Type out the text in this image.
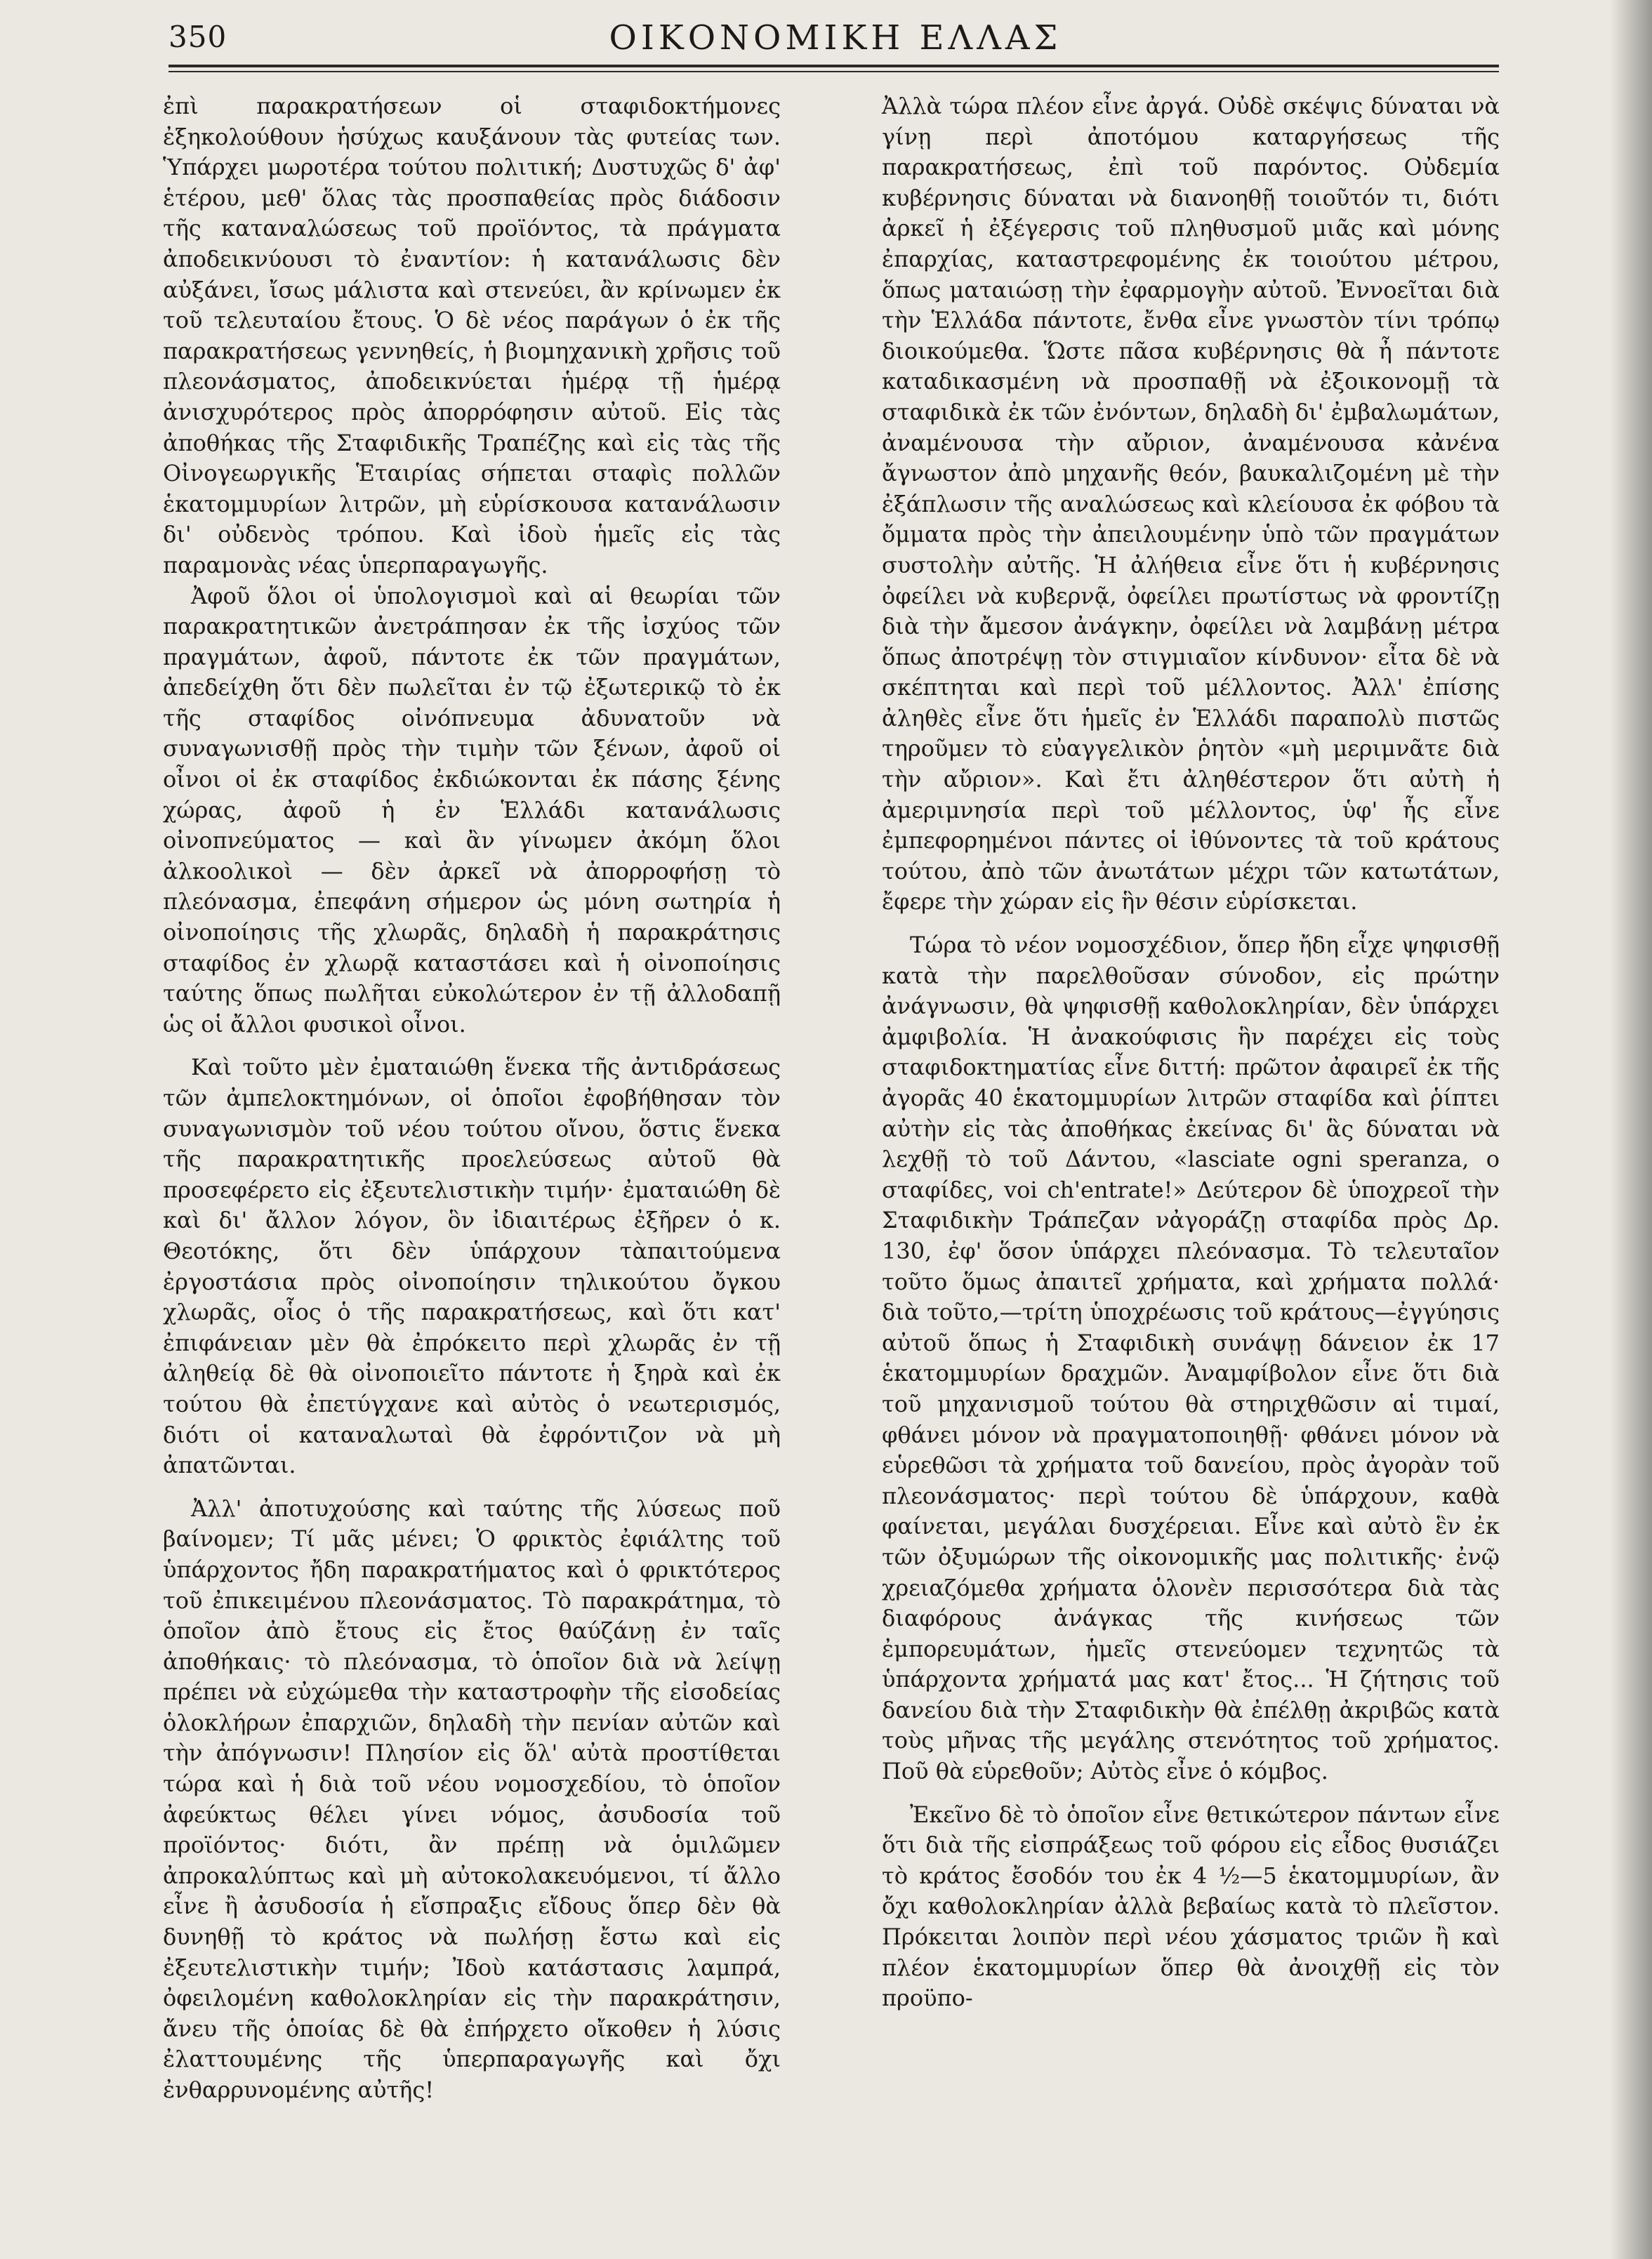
350	ΟΙΚΟΝΟΜΙΚΗ ΕΛΛΑΣ

ἐπὶ παρακρατήσεων οἱ σταφιδοκτήμονες ἐξηκολούθουν ἡσύχως καυξάνουν τὰς φυτείας των. Ὑπάρχει μωροτέρα τούτου πολιτική; Δυστυχῶς δ' ἀφ' ἑτέρου, μεθ' ὅλας τὰς προσπαθείας πρὸς διάδοσιν τῆς καταναλώσεως τοῦ προϊόντος, τὰ πράγματα ἀποδεικνύουσι τὸ ἐναντίον: ἡ κατανάλωσις δὲν αὐξάνει, ἴσως μάλιστα καὶ στενεύει, ἂν κρίνωμεν ἐκ τοῦ τελευταίου ἔτους. Ὁ δὲ νέος παράγων ὁ ἐκ τῆς παρακρατήσεως γεννηθείς, ἡ βιομηχανικὴ χρῆσις τοῦ πλεονάσματος, ἀποδεικνύεται ἡμέρᾳ τῇ ἡμέρᾳ ἀνισχυρότερος πρὸς ἀπορρόφησιν αὐτοῦ. Εἰς τὰς ἀποθήκας τῆς Σταφιδικῆς Τραπέζης καὶ εἰς τὰς τῆς Οἰνογεωργικῆς Ἑταιρίας σήπεται σταφὶς πολλῶν ἑκατομμυρίων λιτρῶν, μὴ εὑρίσκουσα κατανάλωσιν δι' οὐδενὸς τρόπου. Καὶ ἰδοὺ ἡμεῖς εἰς τὰς παραμονὰς νέας ὑπερπαραγωγῆς.

Ἀφοῦ ὅλοι οἱ ὑπολογισμοὶ καὶ αἱ θεωρίαι τῶν παρακρατητικῶν ἀνετράπησαν ἐκ τῆς ἰσχύος τῶν πραγμάτων, ἀφοῦ, πάντοτε ἐκ τῶν πραγμάτων, ἀπεδείχθη ὅτι δὲν πωλεῖται ἐν τῷ ἐξωτερικῷ τὸ ἐκ τῆς σταφίδος οἰνόπνευμα ἀδυνατοῦν νὰ συναγωνισθῇ πρὸς τὴν τιμὴν τῶν ξένων, ἀφοῦ οἱ οἶνοι οἱ ἐκ σταφίδος ἐκδιώκονται ἐκ πάσης ξένης χώρας, ἀφοῦ ἡ ἐν Ἑλλάδι κατανάλωσις οἰνοπνεύματος — καὶ ἂν γίνωμεν ἀκόμη ὅλοι ἀλκοολικοὶ — δὲν ἀρκεῖ νὰ ἀπορροφήσῃ τὸ πλεόνασμα, ἐπεφάνη σήμερον ὡς μόνη σωτηρία ἡ οἰνοποίησις τῆς χλωρᾶς, δηλαδὴ ἡ παρακράτησις σταφίδος ἐν χλωρᾷ καταστάσει καὶ ἡ οἰνοποίησις ταύτης ὅπως πωλῆται εὐκολώτερον ἐν τῇ ἀλλοδαπῇ ὡς οἱ ἄλλοι φυσικοὶ οἶνοι.

Καὶ τοῦτο μὲν ἐματαιώθη ἕνεκα τῆς ἀντιδράσεως τῶν ἀμπελοκτημόνων, οἱ ὁποῖοι ἐφοβήθησαν τὸν συναγωνισμὸν τοῦ νέου τούτου οἴνου, ὅστις ἕνεκα τῆς παρακρατητικῆς προελεύσεως αὐτοῦ θὰ προσεφέρετο εἰς ἐξευτελιστικὴν τιμήν· ἐματαιώθη δὲ καὶ δι' ἄλλον λόγον, ὃν ἰδιαιτέρως ἐξῆρεν ὁ κ. Θεοτόκης, ὅτι δὲν ὑπάρχουν τὰπαιτούμενα ἐργοστάσια πρὸς οἰνοποίησιν τηλικούτου ὄγκου χλωρᾶς, οἷος ὁ τῆς παρακρατήσεως, καὶ ὅτι κατ' ἐπιφάνειαν μὲν θὰ ἐπρόκειτο περὶ χλωρᾶς ἐν τῇ ἀληθείᾳ δὲ θὰ οἰνοποιεῖτο πάντοτε ἡ ξηρὰ καὶ ἐκ τούτου θὰ ἐπετύγχανε καὶ αὐτὸς ὁ νεωτερισμός, διότι οἱ καταναλωταὶ θὰ ἐφρόντιζον νὰ μὴ ἀπατῶνται.

Ἀλλ' ἀποτυχούσης καὶ ταύτης τῆς λύσεως ποῦ βαίνομεν; Τί μᾶς μένει; Ὁ φρικτὸς ἐφιάλτης τοῦ ὑπάρχοντος ἤδη παρακρατήματος καὶ ὁ φρικτότερος τοῦ ἐπικειμένου πλεονάσματος. Τὸ παρακράτημα, τὸ ὁποῖον ἀπὸ ἔτους εἰς ἔτος θαύζάνῃ ἐν ταῖς ἀποθήκαις· τὸ πλεόνασμα, τὸ ὁποῖον διὰ νὰ λείψῃ πρέπει νὰ εὐχώμεθα τὴν καταστροφὴν τῆς εἰσοδείας ὁλοκλήρων ἐπαρχιῶν, δηλαδὴ τὴν πενίαν αὐτῶν καὶ τὴν ἀπόγνωσιν! Πλησίον εἰς ὅλ' αὐτὰ προστίθεται τώρα καὶ ἡ διὰ τοῦ νέου νομοσχεδίου, τὸ ὁποῖον ἀφεύκτως θέλει γίνει νόμος, ἀσυδοσία τοῦ προϊόντος· διότι, ἂν πρέπῃ νὰ ὁμιλῶμεν ἀπροκαλύπτως καὶ μὴ αὐτοκολακευόμενοι, τί ἄλλο εἶνε ἢ ἀσυδοσία ἡ εἴσπραξις εἴδους ὅπερ δὲν θὰ δυνηθῇ τὸ κράτος νὰ πωλήσῃ ἔστω καὶ εἰς ἐξευτελιστικὴν τιμήν; Ἰδοὺ κατάστασις λαμπρά, ὀφειλομένη καθολοκληρίαν εἰς τὴν παρακράτησιν, ἄνευ τῆς ὁποίας δὲ θὰ ἐπήρχετο οἴκοθεν ἡ λύσις ἐλαττουμένης τῆς ὑπερπαραγωγῆς καὶ ὄχι ἐνθαρρυνομένης αὐτῆς!

Ἀλλὰ τώρα πλέον εἶνε ἀργά. Οὐδὲ σκέψις δύναται νὰ γίνῃ περὶ ἀποτόμου καταργήσεως τῆς παρακρατήσεως, ἐπὶ τοῦ παρόντος. Οὐδεμία κυβέρνησις δύναται νὰ διανοηθῇ τοιοῦτόν τι, διότι ἀρκεῖ ἡ ἐξέγερσις τοῦ πληθυσμοῦ μιᾶς καὶ μόνης ἐπαρχίας, καταστρεφομένης ἐκ τοιούτου μέτρου, ὅπως ματαιώσῃ τὴν ἐφαρμογὴν αὐτοῦ. Ἐννοεῖται διὰ τὴν Ἑλλάδα πάντοτε, ἔνθα εἶνε γνωστὸν τίνι τρόπῳ διοικούμεθα. Ὥστε πᾶσα κυβέρνησις θὰ ἦ πάντοτε καταδικασμένη νὰ προσπαθῇ νὰ ἐξοικονομῇ τὰ σταφιδικὰ ἐκ τῶν ἐνόντων, δηλαδὴ δι' ἐμβαλωμάτων, ἀναμένουσα τὴν αὔριον, ἀναμένουσα κἀνένα ἄγνωστον ἀπὸ μηχανῆς θεόν, βαυκαλιζομένη μὲ τὴν ἐξάπλωσιν τῆς αναλώσεως καὶ κλείουσα ἐκ φόβου τὰ ὄμματα πρὸς τὴν ἀπειλουμένην ὑπὸ τῶν πραγμάτων συστολὴν αὐτῆς. Ἡ ἀλήθεια εἶνε ὅτι ἡ κυβέρνησις ὀφείλει νὰ κυβερνᾷ, ὀφείλει πρωτίστως νὰ φροντίζῃ διὰ τὴν ἄμεσον ἀνάγκην, ὀφείλει νὰ λαμβάνῃ μέτρα ὅπως ἀποτρέψῃ τὸν στιγμιαῖον κίνδυνον· εἶτα δὲ νὰ σκέπτηται καὶ περὶ τοῦ μέλλοντος. Ἀλλ' ἐπίσης ἀληθὲς εἶνε ὅτι ἡμεῖς ἐν Ἑλλάδι παραπολὺ πιστῶς τηροῦμεν τὸ εὐαγγελικὸν ῥητὸν «μὴ μεριμνᾶτε διὰ τὴν αὔριον». Καὶ ἔτι ἀληθέστερον ὅτι αὐτὴ ἡ ἀμεριμνησία περὶ τοῦ μέλλοντος, ὑφ' ἧς εἶνε ἐμπεφορημένοι πάντες οἱ ἰθύνοντες τὰ τοῦ κράτους τούτου, ἀπὸ τῶν ἀνωτάτων μέχρι τῶν κατωτάτων, ἔφερε τὴν χώραν εἰς ἣν θέσιν εὑρίσκεται.

Τώρα τὸ νέον νομοσχέδιον, ὅπερ ἤδη εἶχε ψηφισθῇ κατὰ τὴν παρελθοῦσαν σύνοδον, εἰς πρώτην ἀνάγνωσιν, θὰ ψηφισθῇ καθολοκληρίαν, δὲν ὑπάρχει ἀμφιβολία. Ἡ ἀνακούφισις ἣν παρέχει εἰς τοὺς σταφιδοκτηματίας εἶνε διττή: πρῶτον ἀφαιρεῖ ἐκ τῆς ἀγορᾶς 40 ἑκατομμυρίων λιτρῶν σταφίδα καὶ ῥίπτει αὐτὴν εἰς τὰς ἀποθήκας ἐκείνας δι' ἃς δύναται νὰ λεχθῇ τὸ τοῦ Δάντου, «lasciate ogni speranza, ο σταφίδες, voi ch'entrate!» Δεύτερον δὲ ὑποχρεοῖ τὴν Σταφιδικὴν Τράπεζαν νἀγοράζῃ σταφίδα πρὸς Δρ. 130, ἐφ' ὅσον ὑπάρχει πλεόνασμα. Τὸ τελευταῖον τοῦτο ὅμως ἀπαιτεῖ χρήματα, καὶ χρήματα πολλά· διὰ τοῦτο,—τρίτη ὑποχρέωσις τοῦ κράτους—ἐγγύησις αὐτοῦ ὅπως ἡ Σταφιδικὴ συνάψῃ δάνειον ἐκ 17 ἑκατομμυρίων δραχμῶν. Ἀναμφίβολον εἶνε ὅτι διὰ τοῦ μηχανισμοῦ τούτου θὰ στηριχθῶσιν αἱ τιμαί, φθάνει μόνον νὰ πραγματοποιηθῇ· φθάνει μόνον νὰ εὑρεθῶσι τὰ χρήματα τοῦ δανείου, πρὸς ἀγορὰν τοῦ πλεονάσματος· περὶ τούτου δὲ ὑπάρχουν, καθὰ φαίνεται, μεγάλαι δυσχέρειαι. Εἶνε καὶ αὐτὸ ἓν ἐκ τῶν ὀξυμώρων τῆς οἰκονομικῆς μας πολιτικῆς· ἐνῷ χρειαζόμεθα χρήματα ὁλονὲν περισσότερα διὰ τὰς διαφόρους ἀνάγκας τῆς κινήσεως τῶν ἐμπορευμάτων, ἡμεῖς στενεύομεν τεχνητῶς τὰ ὑπάρχοντα χρήματά μας κατ' ἔτος... Ἡ ζήτησις τοῦ δανείου διὰ τὴν Σταφιδικὴν θὰ ἐπέλθῃ ἀκριβῶς κατὰ τοὺς μῆνας τῆς μεγάλης στενότητος τοῦ χρήματος. Ποῦ θὰ εὑρεθοῦν; Αὐτὸς εἶνε ὁ κόμβος.

Ἐκεῖνο δὲ τὸ ὁποῖον εἶνε θετικώτερον πάντων εἶνε ὅτι διὰ τῆς εἰσπράξεως τοῦ φόρου εἰς εἶδος θυσιάζει τὸ κράτος ἔσοδόν του ἐκ 4 ½—5 ἑκατομμυρίων, ἂν ὄχι καθολοκληρίαν ἀλλὰ βεβαίως κατὰ τὸ πλεῖστον. Πρόκειται λοιπὸν περὶ νέου χάσματος τριῶν ἢ καὶ πλέον ἑκατομμυρίων ὅπερ θὰ ἀνοιχθῇ εἰς τὸν προϋπο-
